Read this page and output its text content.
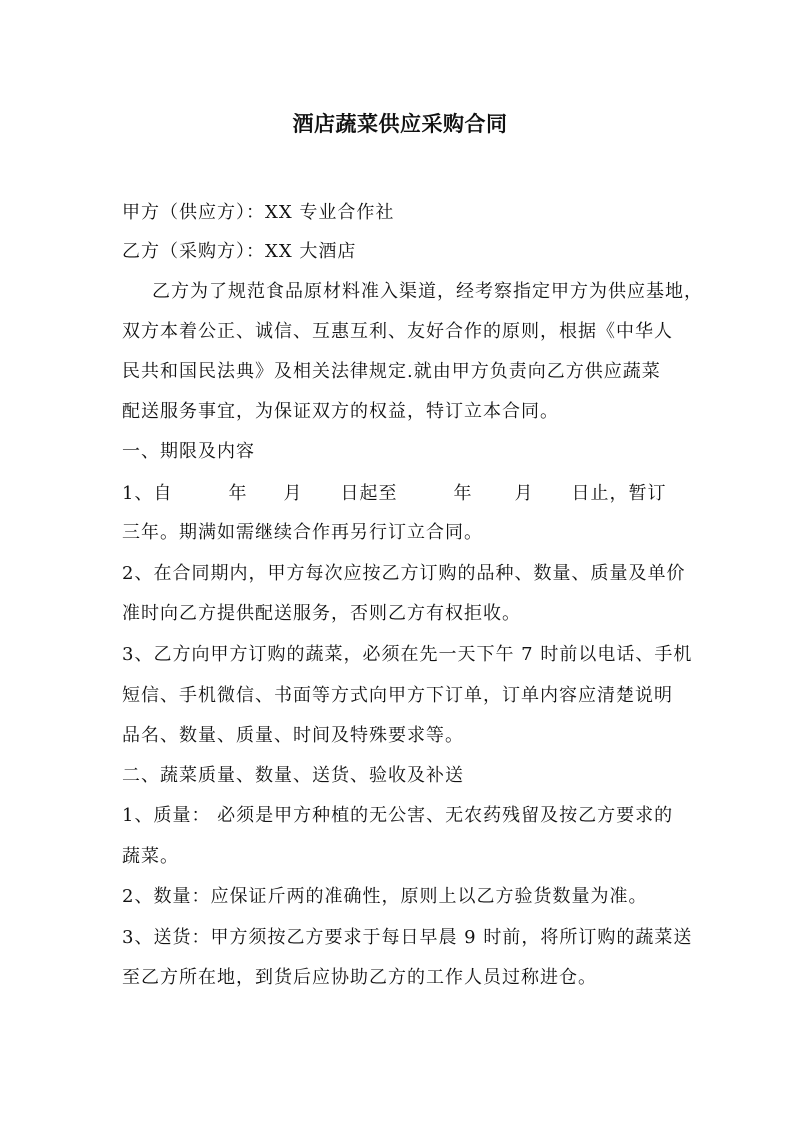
酒店蔬菜供应采购合同
甲方（供应方）：XX 专业合作社
乙方（采购方）：XX 大酒店
乙方为了规范食品原材料准入渠道，经考察指定甲方为供应基地，
双方本着公正、诚信、互惠互利、友好合作的原则，根据《中华人
民共和国民法典》及相关法律规定.就由甲方负责向乙方供应蔬菜
配送服务事宜，为保证双方的权益，特订立本合同。
一、期限及内容
1、自	年 月 日起至	年 月 日止，暂订
三年。期满如需继续合作再另行订立合同。
2、在合同期内，甲方每次应按乙方订购的品种、数量、质量及单价
准时向乙方提供配送服务，否则乙方有权拒收。
3、乙方向甲方订购的蔬菜，必须在先一天下午 7 时前以电话、手机
短信、手机微信、书面等方式向甲方下订单，订单内容应清楚说明
品名、数量、质量、时间及特殊要求等。
二、蔬菜质量、数量、送货、验收及补送
1、质量： 必须是甲方种植的无公害、无农药残留及按乙方要求的
蔬菜。
2、数量：应保证斤两的准确性，原则上以乙方验货数量为准。
3、送货：甲方须按乙方要求于每日早晨 9 时前，将所订购的蔬菜送
至乙方所在地，到货后应协助乙方的工作人员过称进仓。
